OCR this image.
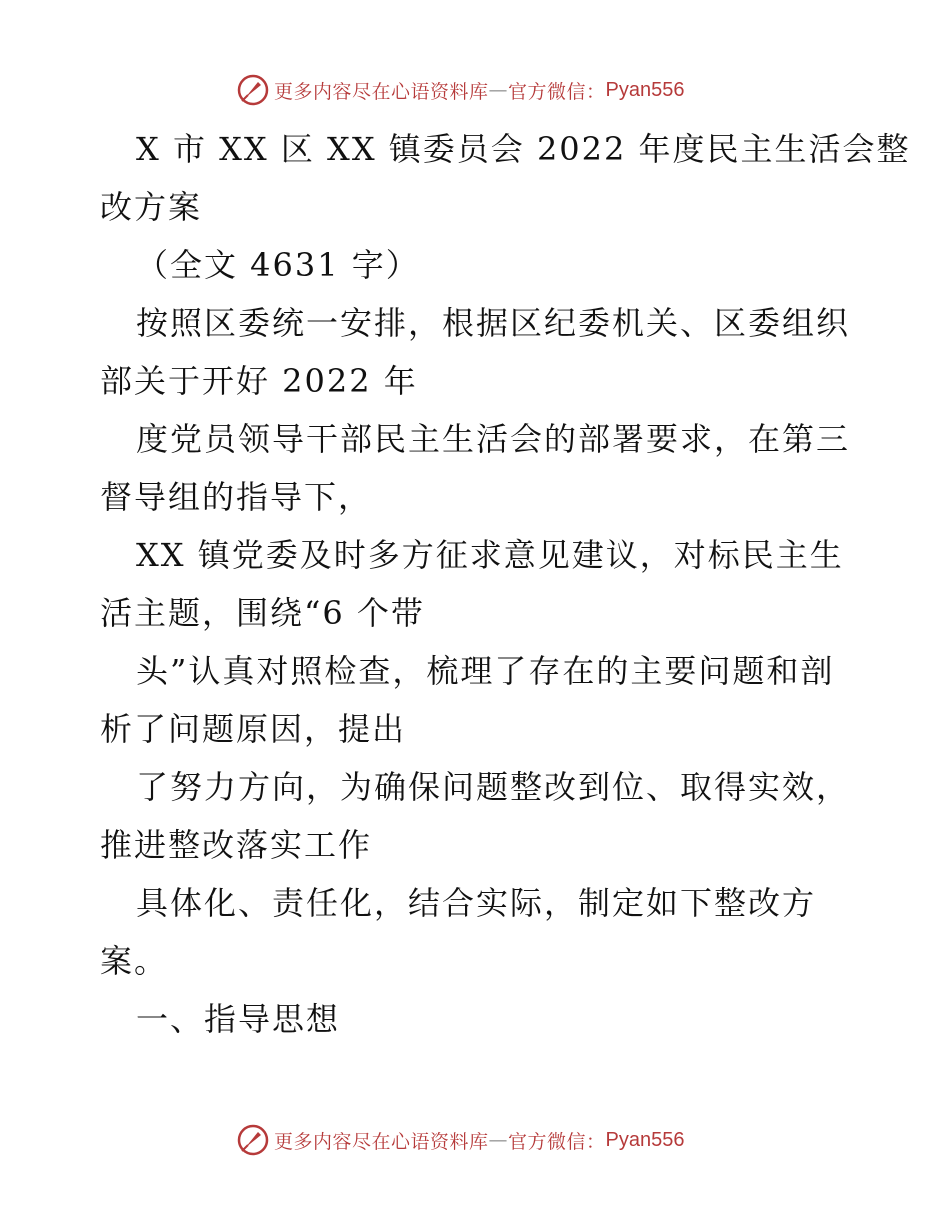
更多内容尽在心语资料库 — 官方微信： Pyan556
X 市 XX 区 XX 镇委员会 2022 年度民主生活会整
改方案
（全文 4631 字）
按照区委统一安排，根据区纪委机关、区委组织
部关于开好 2022 年
度党员领导干部民主生活会的部署要求，在第三
督导组的指导下，
XX 镇党委及时多方征求意见建议，对标民主生
活主题，围绕“6 个带
头”认真对照检查，梳理了存在的主要问题和剖
析了问题原因，提出
了努力方向，为确保问题整改到位、取得实效，
推进整改落实工作
具体化、责任化，结合实际，制定如下整改方
案。
一、指导思想
更多内容尽在心语资料库 — 官方微信： Pyan556
